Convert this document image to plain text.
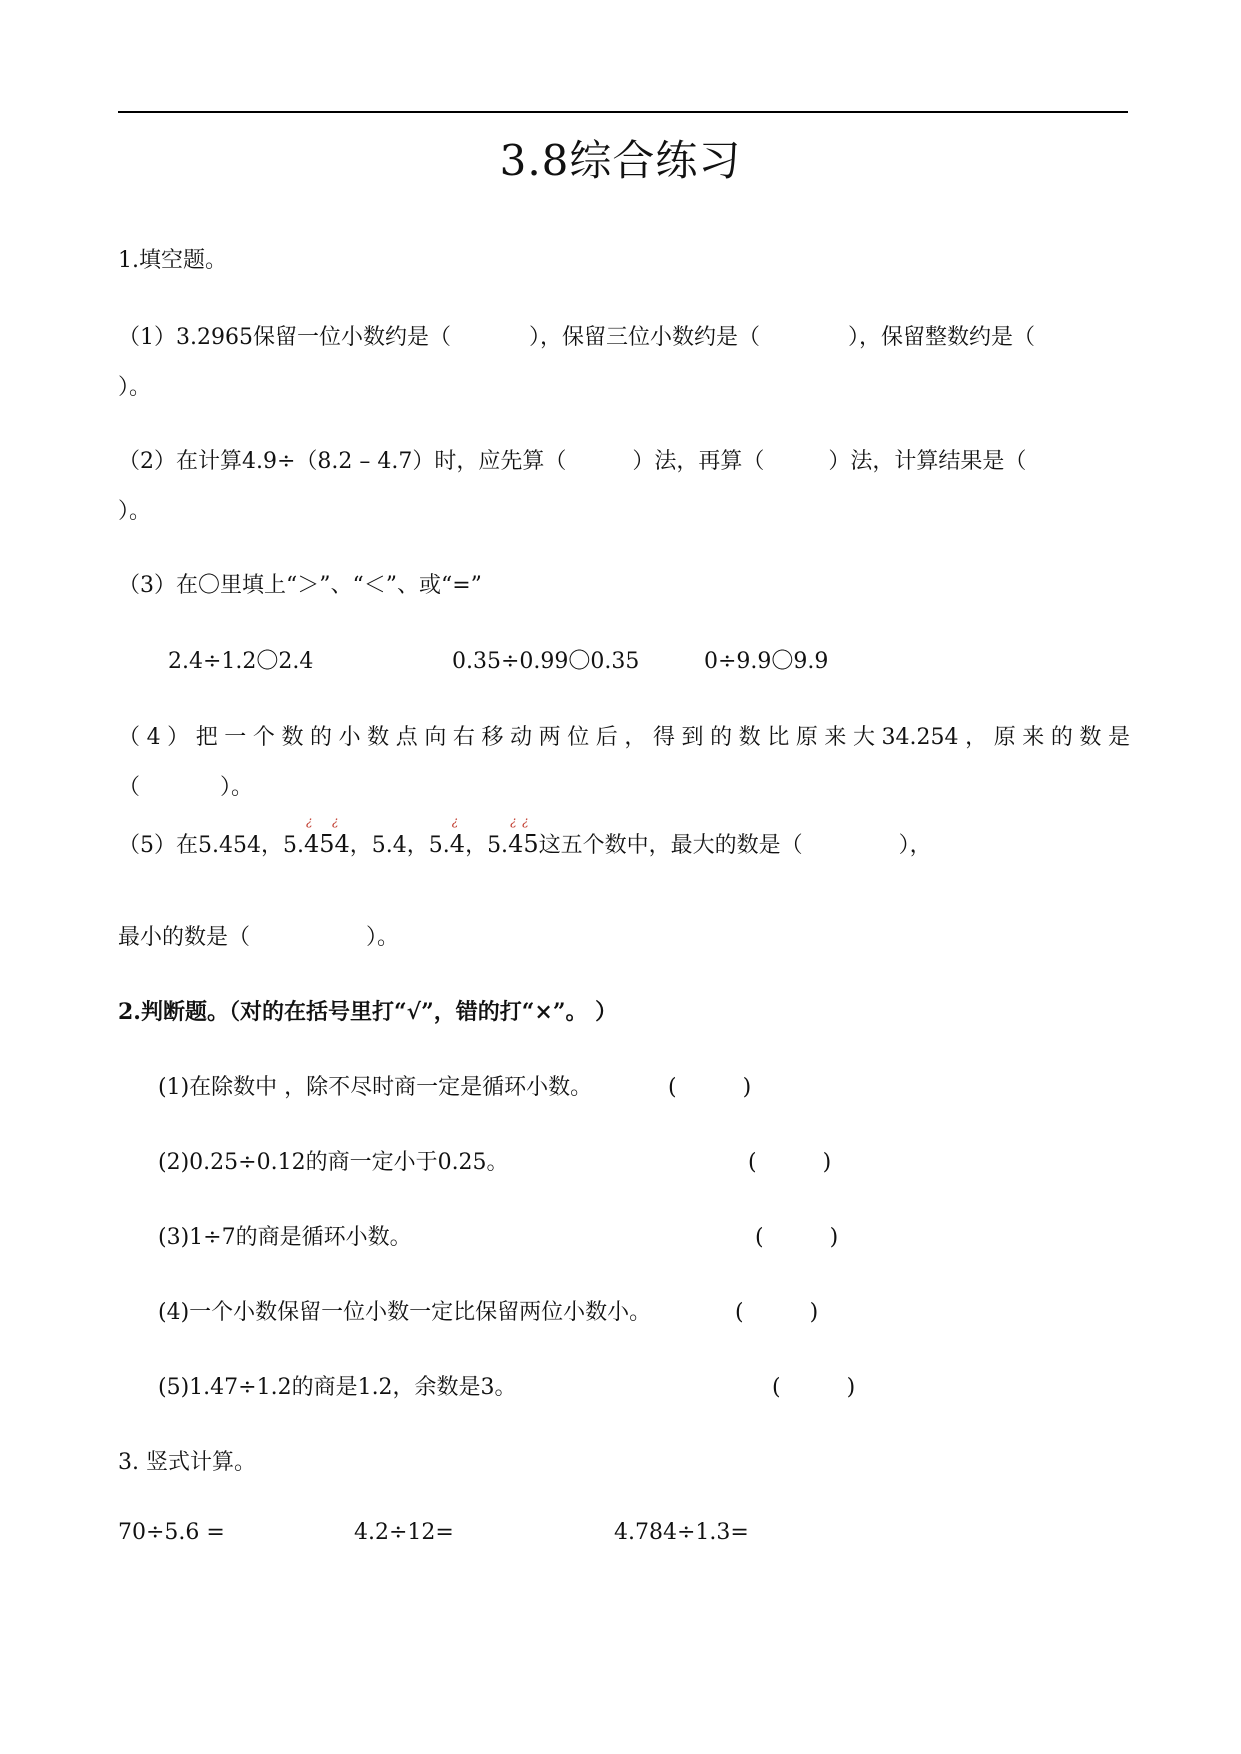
3.8综合练习
1.填空题。
（1）3.2965保留一位小数约是（	），保留三位小数约是（	），保留整数约是（
）。
（2）在计算4.9÷（8.2 – 4.7）时，应先算（	）法，再算（	）法，计算结果是（
）。
（3）在〇里填上“＞”、“＜”、或“=”
2.4÷1.2〇2.4	0.35÷0.99〇0.35	0÷9.9〇9.9
（4）把一个数的小数点向右移动两位后，得到的数比原来大34.254，原来的数是
（	）。
（5）在5.454，5.
¿ ¿
454，5.4，5.
¿
4，5.
¿ ¿
45这五个数中，最大的数是（	），
最小的数是（	）。
2.判断题。（对的在括号里打“√”，错的打“×”。 ）
(1)在除数中 ，除不尽时商一定是循环小数。	(　　　)
(2)0.25÷0.12的商一定小于0.25。	(　　　)
(3)1÷7的商是循环小数。	(　　　)
(4)一个小数保留一位小数一定比保留两位小数小。	(　　　)
(5)1.47÷1.2的商是1.2，余数是3。	(　　　)
3. 竖式计算。
70÷5.6 =	4.2÷12=	4.784÷1.3=
